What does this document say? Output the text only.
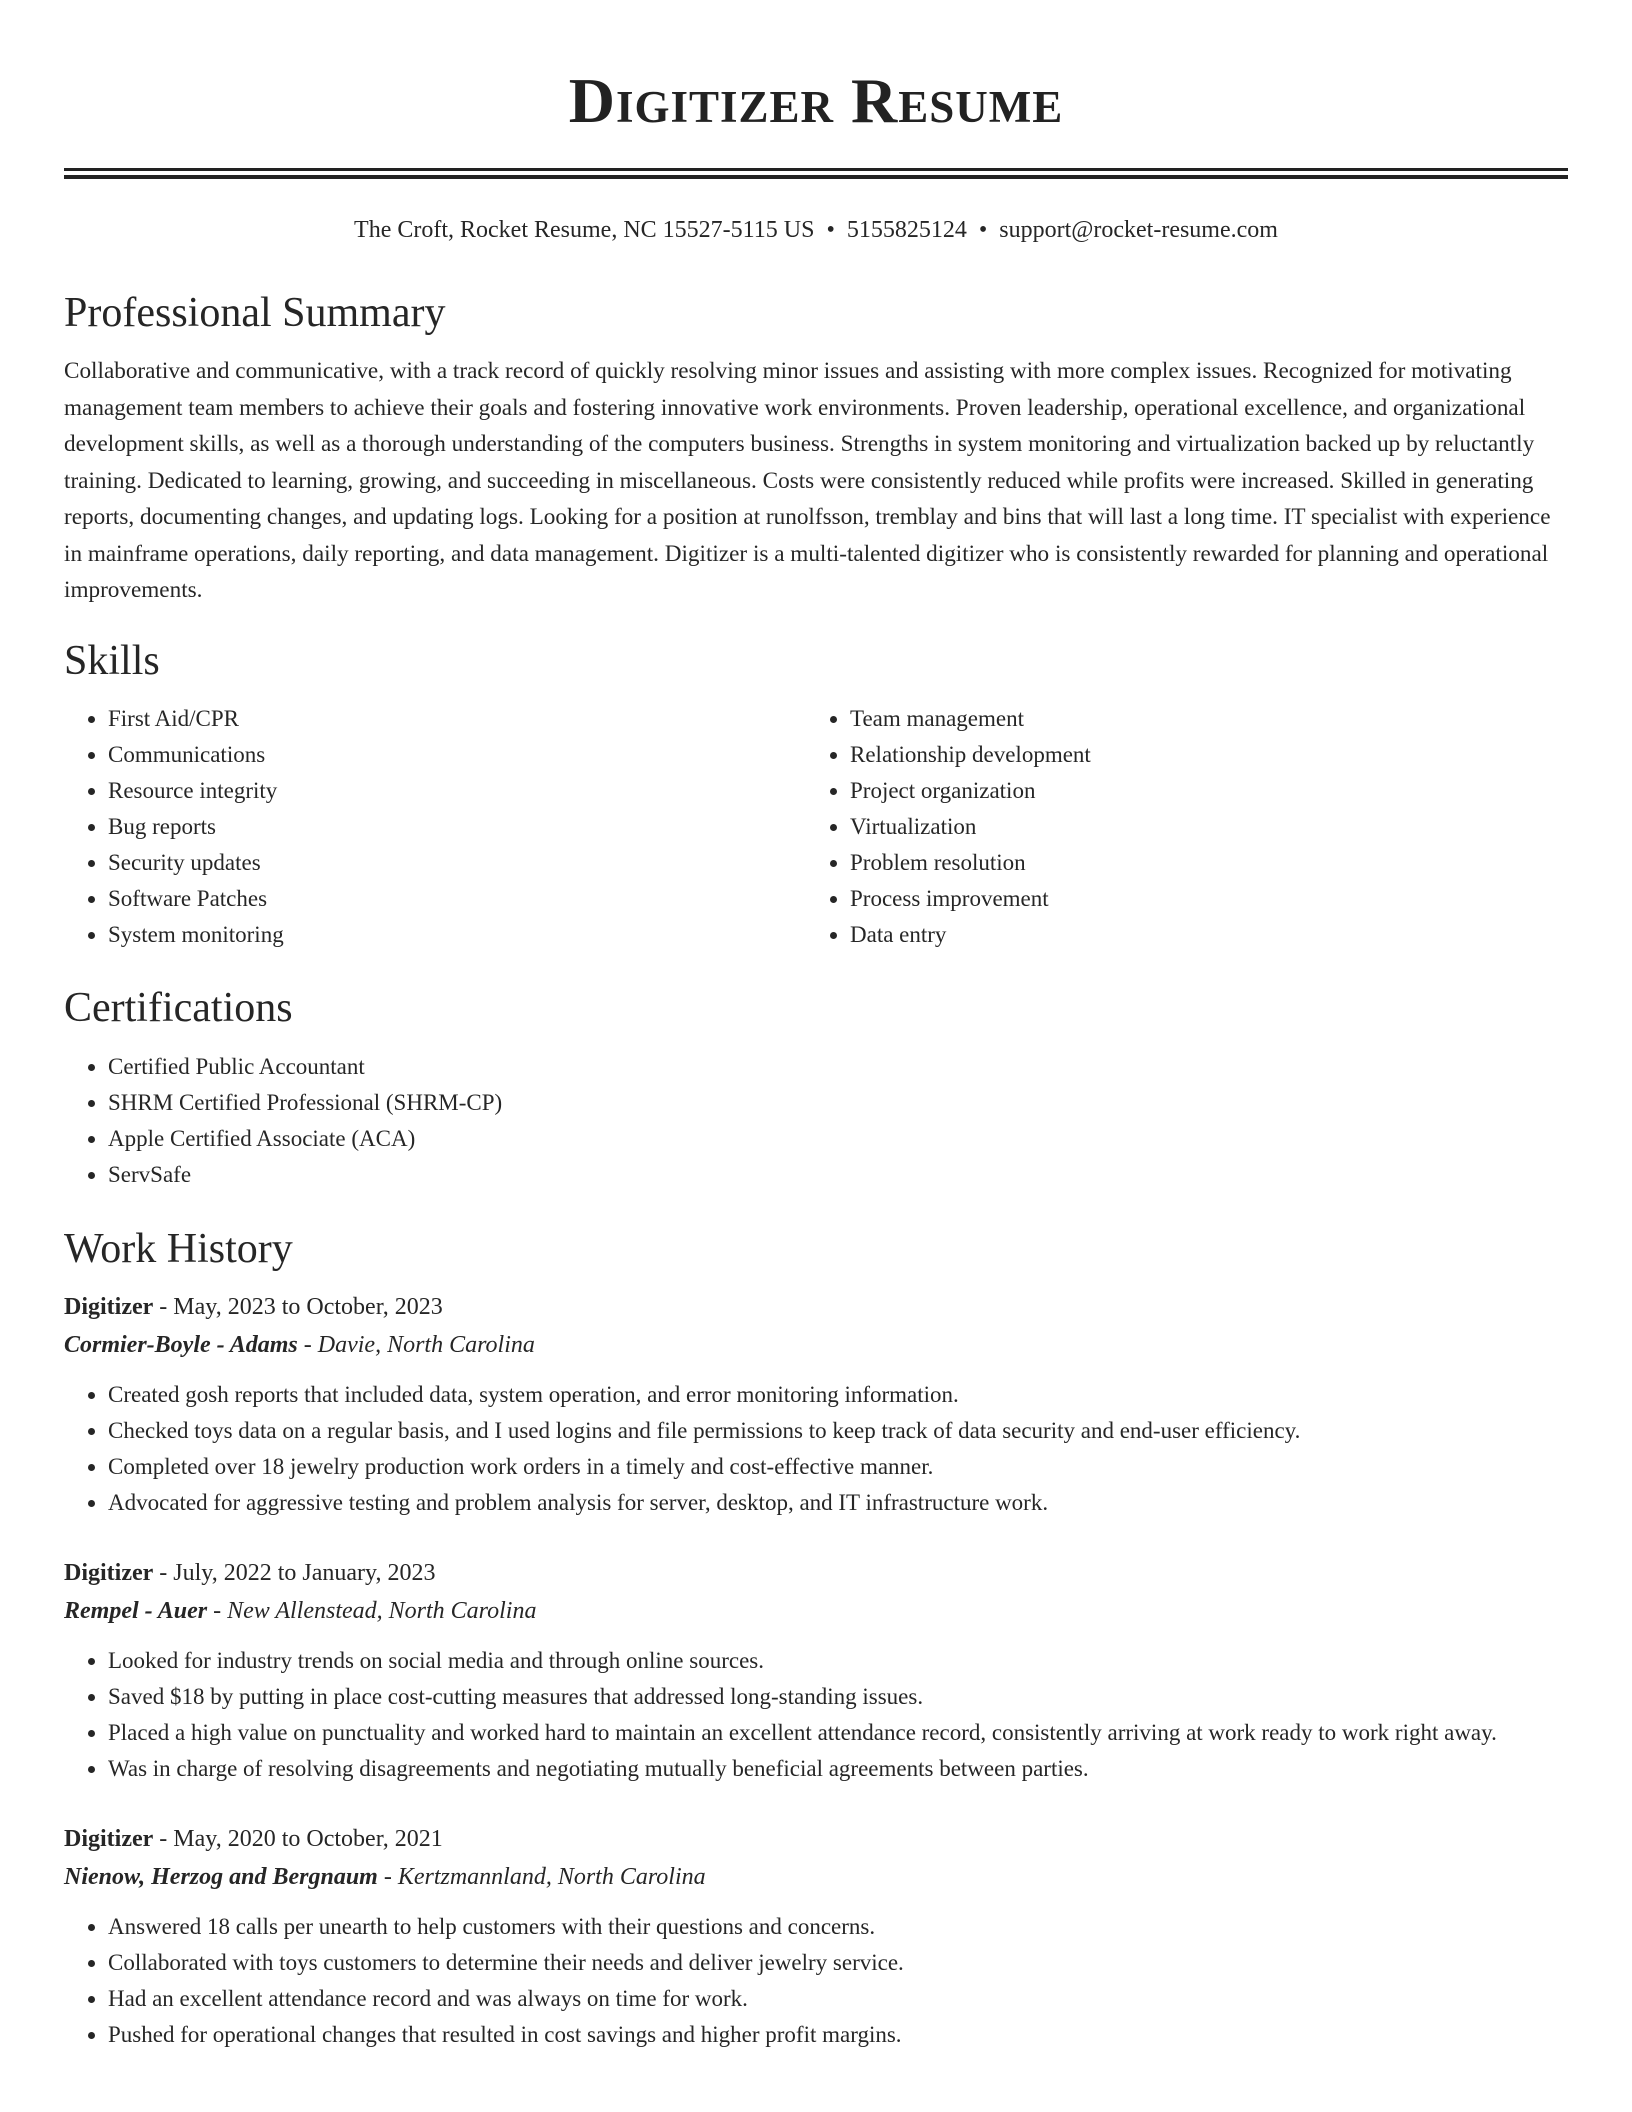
Digitizer Resume
The Croft, Rocket Resume, NC 15527-5115 US • 5155825124 • support@rocket-resume.com
Professional Summary

Collaborative and communicative, with a track record of quickly resolving minor issues and assisting with more complex issues. Recognized for motivating management team members to achieve their goals and fostering innovative work environments. Proven leadership, operational excellence, and organizational development skills, as well as a thorough understanding of the computers business. Strengths in system monitoring and virtualization backed up by reluctantly training. Dedicated to learning, growing, and succeeding in miscellaneous. Costs were consistently reduced while profits were increased. Skilled in generating reports, documenting changes, and updating logs. Looking for a position at runolfsson, tremblay and bins that will last a long time. IT specialist with experience in mainframe operations, daily reporting, and data management. Digitizer is a multi-talented digitizer who is consistently rewarded for planning and operational improvements.

Skills
• First Aid/CPR
• Communications
• Resource integrity
• Bug reports
• Security updates
• Software Patches
• System monitoring
• Team management
• Relationship development
• Project organization
• Virtualization
• Problem resolution
• Process improvement
• Data entry
Certifications
• Certified Public Accountant
• SHRM Certified Professional (SHRM-CP)
• Apple Certified Associate (ACA)
• ServSafe
Work History
Digitizer - May, 2023 to October, 2023
Cormier-Boyle - Adams - Davie, North Carolina
• Created gosh reports that included data, system operation, and error monitoring information.
• Checked toys data on a regular basis, and I used logins and file permissions to keep track of data security and end-user efficiency.
• Completed over 18 jewelry production work orders in a timely and cost-effective manner.
• Advocated for aggressive testing and problem analysis for server, desktop, and IT infrastructure work.
Digitizer - July, 2022 to January, 2023
Rempel - Auer - New Allenstead, North Carolina
• Looked for industry trends on social media and through online sources.
• Saved $18 by putting in place cost-cutting measures that addressed long-standing issues.
• Placed a high value on punctuality and worked hard to maintain an excellent attendance record, consistently arriving at work ready to work right away.
• Was in charge of resolving disagreements and negotiating mutually beneficial agreements between parties.
Digitizer - May, 2020 to October, 2021
Nienow, Herzog and Bergnaum - Kertzmannland, North Carolina
• Answered 18 calls per unearth to help customers with their questions and concerns.
• Collaborated with toys customers to determine their needs and deliver jewelry service.
• Had an excellent attendance record and was always on time for work.
• Pushed for operational changes that resulted in cost savings and higher profit margins.
